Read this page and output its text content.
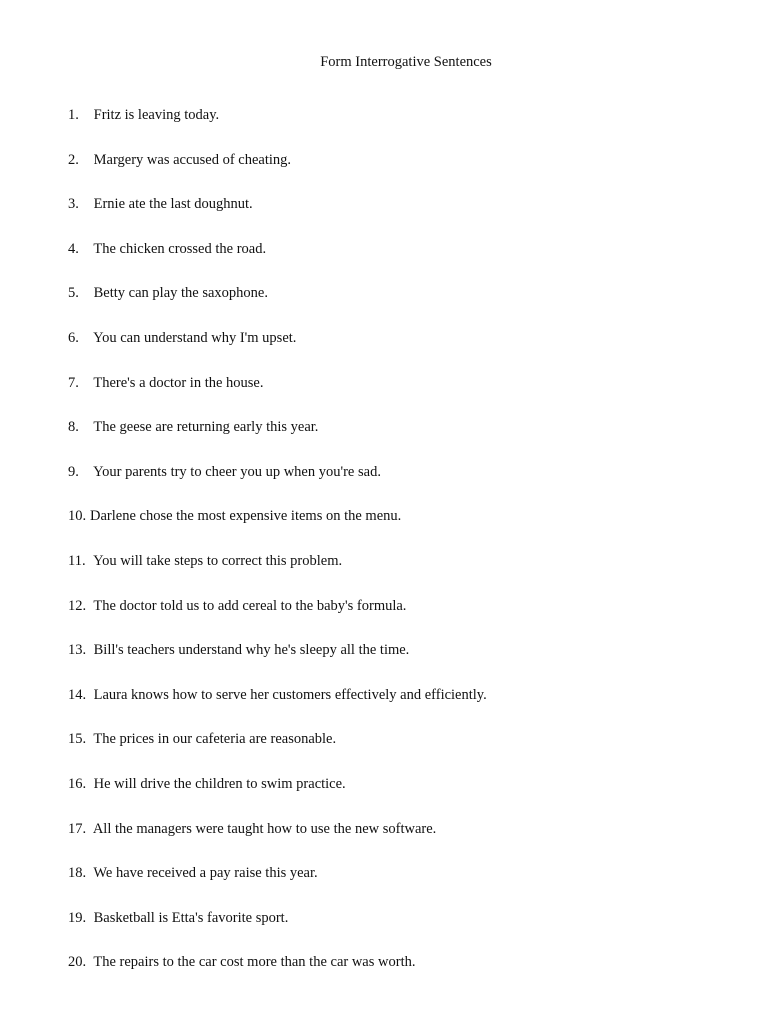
Form Interrogative Sentences
1. Fritz is leaving today.
2. Margery was accused of cheating.
3. Ernie ate the last doughnut.
4. The chicken crossed the road.
5. Betty can play the saxophone.
6. You can understand why I'm upset.
7. There's a doctor in the house.
8. The geese are returning early this year.
9. Your parents try to cheer you up when you're sad.
10. Darlene chose the most expensive items on the menu.
11. You will take steps to correct this problem.
12. The doctor told us to add cereal to the baby's formula.
13. Bill's teachers understand why he's sleepy all the time.
14. Laura knows how to serve her customers effectively and efficiently.
15. The prices in our cafeteria are reasonable.
16. He will drive the children to swim practice.
17. All the managers were taught how to use the new software.
18. We have received a pay raise this year.
19. Basketball is Etta's favorite sport.
20. The repairs to the car cost more than the car was worth.
